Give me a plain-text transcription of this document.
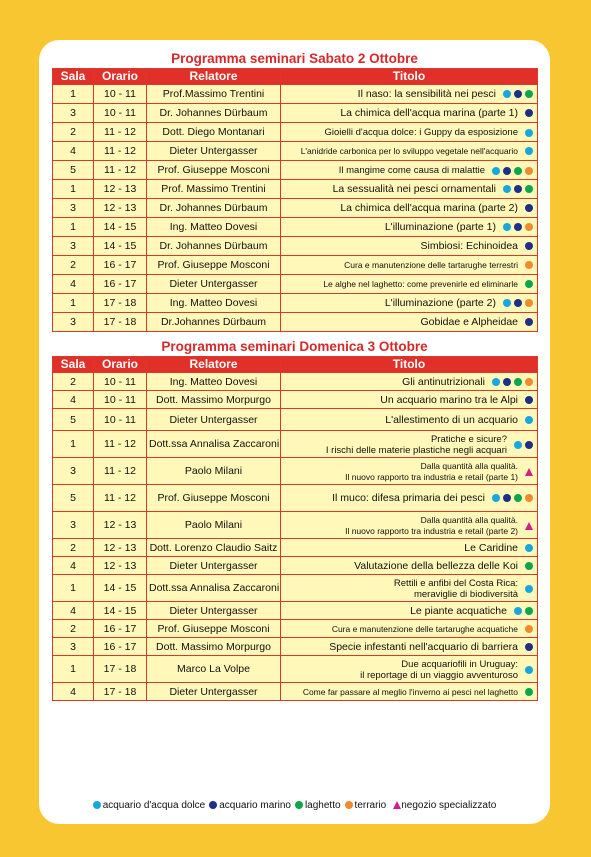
Programma seminari Sabato 2 Ottobre
Sala	Orario	Relatore	Titolo
1	10 - 11	Prof.Massimo Trentini	Il naso: la sensibilità nei pesci

3	10 - 11	Dr. Johannes Dürbaum	La chimica dell'acqua marina (parte 1)

2	11 - 12	Dott. Diego Montanari	Gioielli d'acqua dolce: i Guppy da esposizione

4	11 - 12	Dieter Untergasser	L'anidride carbonica per lo sviluppo vegetale nell'acquario

5	11 - 12	Prof. Giuseppe Mosconi	Il mangime come causa di malattie

1	12 - 13	Prof. Massimo Trentini	La sessualità nei pesci ornamentali

3	12 - 13	Dr. Johannes Dürbaum	La chimica dell'acqua marina (parte 2)

1	14 - 15	Ing. Matteo Dovesi	L'illuminazione (parte 1)

3	14 - 15	Dr. Johannes Dürbaum	Simbiosi: Echinoidea

2	16 - 17	Prof. Giuseppe Mosconi	Cura e manutenzione delle tartarughe terrestri

4	16 - 17	Dieter Untergasser	Le alghe nel laghetto: come prevenirle ed eliminarle

1	17 - 18	Ing. Matteo Dovesi	L'illuminazione (parte 2)

3	17 - 18	Dr.Johannes Dürbaum	Gobidae e Alpheidae
Programma seminari Domenica 3 Ottobre
Sala	Orario	Relatore	Titolo
2	10 - 11	Ing. Matteo Dovesi	Gli antinutrizionali

4	10 - 11	Dott. Massimo Morpurgo	Un acquario marino tra le Alpi

5	10 - 11	Dieter Untergasser	L'allestimento di un acquario

1	11 - 12	Dott.ssa Annalisa Zaccaroni	Pratiche e sicure?
I rischi delle materie plastiche negli acquari

3	11 - 12	Paolo Milani	Dalla quantità alla qualità.
Il nuovo rapporto tra industria e retail (parte 1)

5	11 - 12	Prof. Giuseppe Mosconi	Il muco: difesa primaria dei pesci

3	12 - 13	Paolo Milani	Dalla quantità alla qualità.
Il nuovo rapporto tra industria e retail (parte 2)

2	12 - 13	Dott. Lorenzo Claudio Saitz	Le Caridine

4	12 - 13	Dieter Untergasser	Valutazione della bellezza delle Koi

1	14 - 15	Dott.ssa Annalisa Zaccaroni	Rettili e anfibi del Costa Rica:
meraviglie di biodiversità

4	14 - 15	Dieter Untergasser	Le piante acquatiche

2	16 - 17	Prof. Giuseppe Mosconi	Cura e manutenzione delle tartarughe acquatiche

3	16 - 17	Dott. Massimo Morpurgo	Specie infestanti nell'acquario di barriera

1	17 - 18	Marco La Volpe	Due acquariofili in Uruguay:
il reportage di un viaggio avventuroso

4	17 - 18	Dieter Untergasser	Come far passare al meglio l'inverno ai pesci nel laghetto
acquario d'acqua dolce acquario marino laghetto terrario negozio specializzato
